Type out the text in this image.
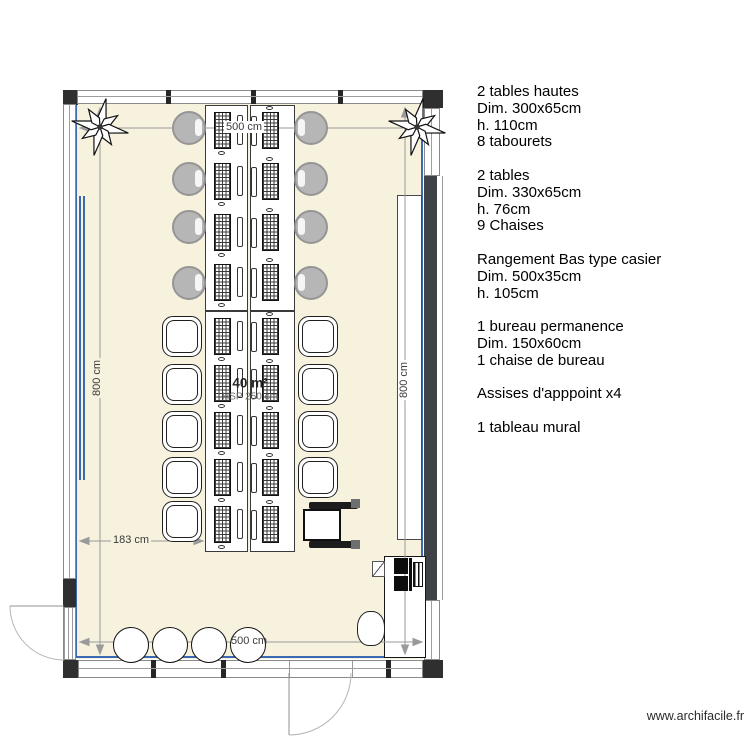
40 m²
HSP 250 cm
500 cm
500 cm
800 cm	800 cm
183 cm
2 tables hautes
Dim. 300x65cm
h. 110cm
8 tabourets
2 tables
Dim. 330x65cm
h. 76cm
9 Chaises
Rangement Bas type casier
Dim. 500x35cm
h. 105cm
1 bureau permanence
Dim. 150x60cm
1 chaise de bureau
Assises d'apppoint x4
1 tableau mural
www.archifacile.fr
